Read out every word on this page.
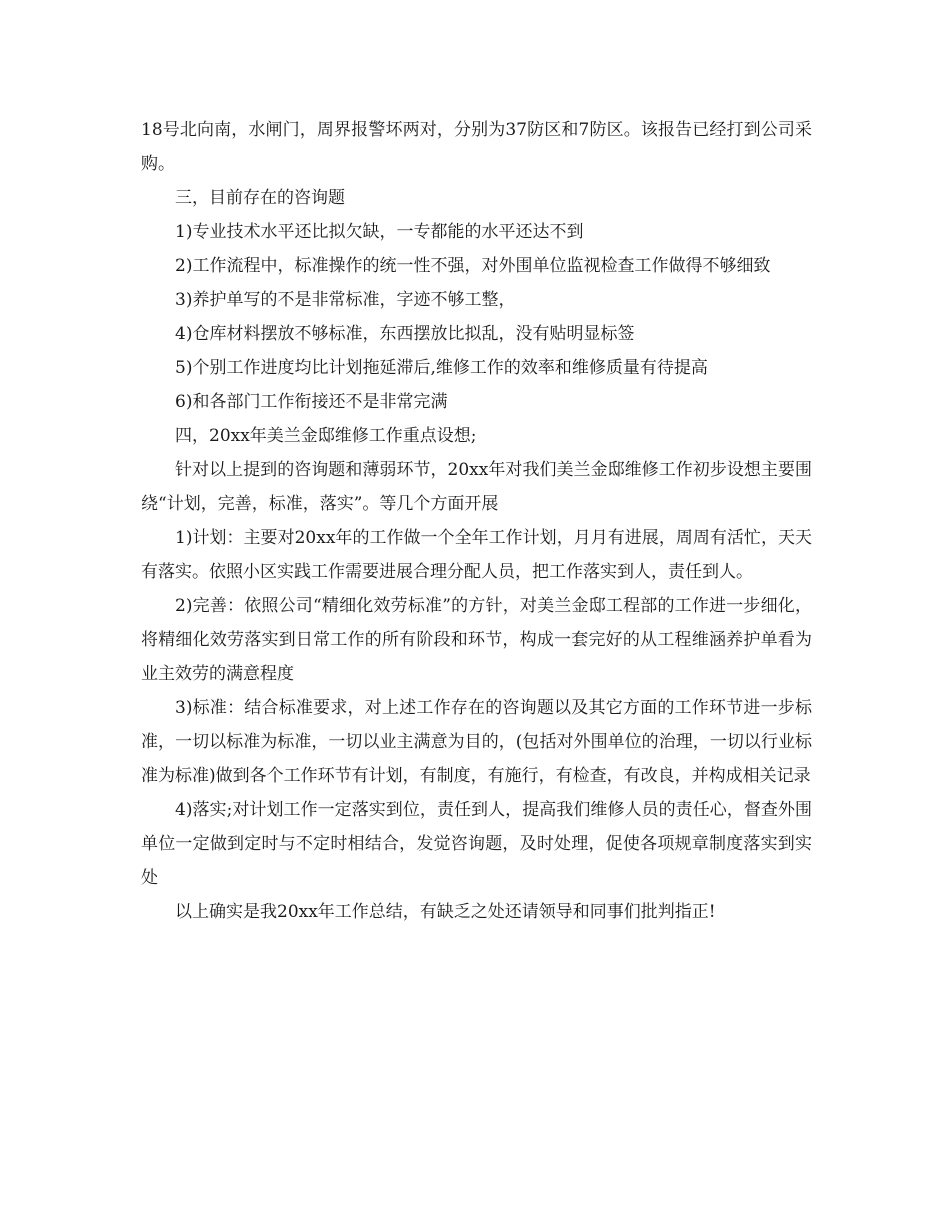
18号北向南，水闸门，周界报警坏两对，分别为37防区和7防区。该报告已经打到公司采购。

三，目前存在的咨询题

1)专业技术水平还比拟欠缺，一专都能的水平还达不到

2)工作流程中，标准操作的统一性不强，对外围单位监视检查工作做得不够细致

3)养护单写的不是非常标准，字迹不够工整，

4)仓库材料摆放不够标准，东西摆放比拟乱，没有贴明显标签

5)个别工作进度均比计划拖延滞后,维修工作的效率和维修质量有待提高

6)和各部门工作衔接还不是非常完满

四，20xx年美兰金邸维修工作重点设想;

针对以上提到的咨询题和薄弱环节，20xx年对我们美兰金邸维修工作初步设想主要围绕“计划，完善，标准，落实”。等几个方面开展

1)计划：主要对20xx年的工作做一个全年工作计划，月月有进展，周周有活忙，天天有落实。依照小区实践工作需要进展合理分配人员，把工作落实到人，责任到人。

2)完善：依照公司“精细化效劳标准”的方针，对美兰金邸工程部的工作进一步细化，将精细化效劳落实到日常工作的所有阶段和环节，构成一套完好的从工程维涵养护单看为业主效劳的满意程度

3)标准：结合标准要求，对上述工作存在的咨询题以及其它方面的工作环节进一步标准，一切以标准为标准，一切以业主满意为目的，(包括对外围单位的治理，一切以行业标准为标准)做到各个工作环节有计划，有制度，有施行，有检查，有改良，并构成相关记录

4)落实;对计划工作一定落实到位，责任到人，提高我们维修人员的责任心，督查外围单位一定做到定时与不定时相结合，发觉咨询题，及时处理，促使各项规章制度落实到实处

以上确实是我20xx年工作总结，有缺乏之处还请领导和同事们批判指正!
